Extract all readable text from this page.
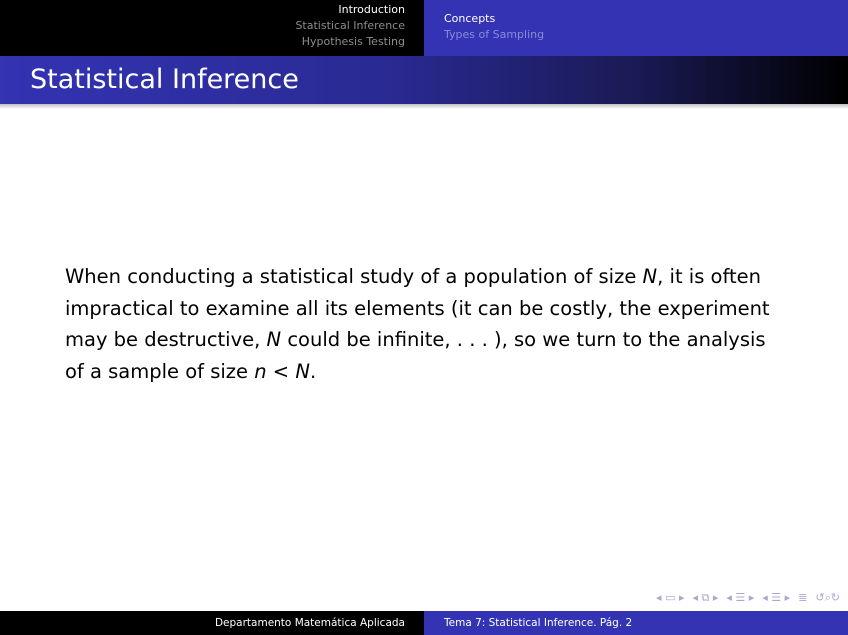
Introduction
Statistical Inference
Hypothesis Testing
Concepts
Types of Sampling
Statistical Inference
When conducting a statistical study of a population of size N, it is often impractical to examine all its elements (it can be costly, the experiment may be destructive, N could be infinite, . . . ), so we turn to the analysis of a sample of size n < N.
◂ ▭ ▸ ◂ ⧉ ▸ ◂ ☰ ▸ ◂ ☰ ▸ ≣ ↺⌕↻
Departamento Matemática Aplicada	Tema 7: Statistical Inference. Pág. 2
